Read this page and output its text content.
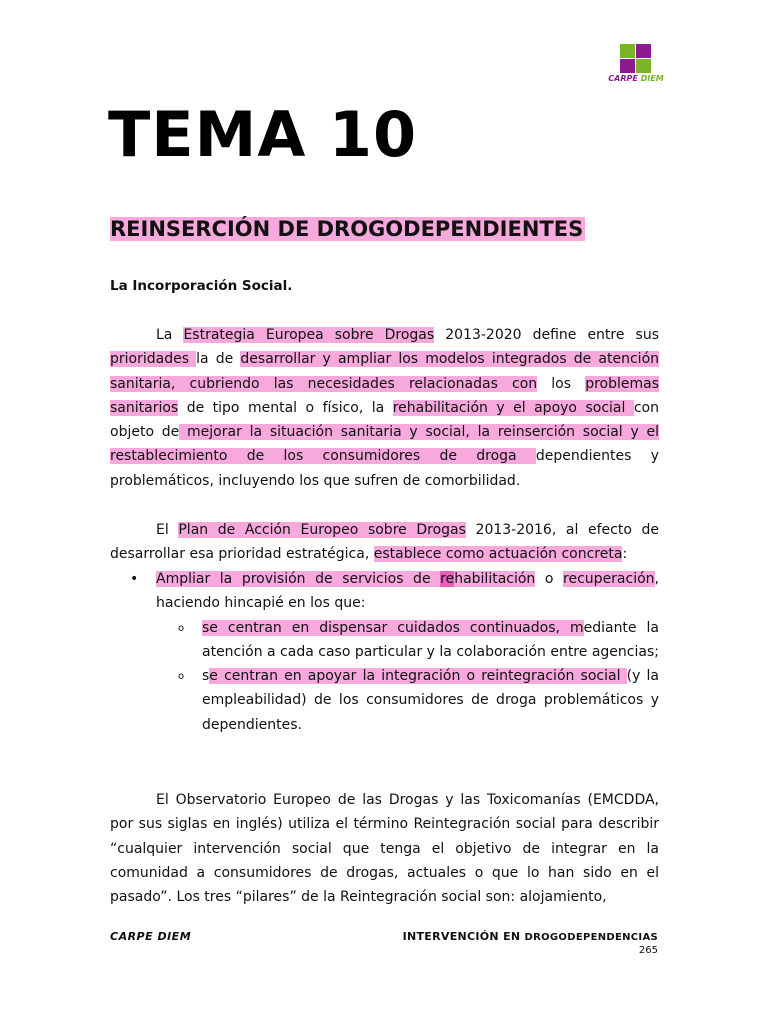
CARPE DIEM
TEMA 10
REINSERCIÓN DE DROGODEPENDIENTES

La Incorporación Social.

La Estrategia Europea sobre Drogas 2013-2020 define entre sus prioridades la de desarrollar y ampliar los modelos integrados de atención sanitaria, cubriendo las necesidades relacionadas con los problemas sanitarios de tipo mental o físico, la rehabilitación y el apoyo social con objeto de mejorar la situación sanitaria y social, la reinserción social y el restablecimiento de los consumidores de droga dependientes y problemáticos, incluyendo los que sufren de comorbilidad.

El Plan de Acción Europeo sobre Drogas 2013-2016, al efecto de desarrollar esa prioridad estratégica, establece como actuación concreta:

• Ampliar la provisión de servicios de rehabilitación o recuperación, haciendo hincapié en los que:
o se centran en dispensar cuidados continuados, mediante la atención a cada caso particular y la colaboración entre agencias;
o se centran en apoyar la integración o reintegración social (y la empleabilidad) de los consumidores de droga problemáticos y dependientes.

El Observatorio Europeo de las Drogas y las Toxicomanías (EMCDDA, por sus siglas en inglés) utiliza el término Reintegración social para describir “cualquier intervención social que tenga el objetivo de integrar en la comunidad a consumidores de drogas, actuales o que lo han sido en el pasado”. Los tres “pilares” de la Reintegración social son: alojamiento,

CARPE DIEM	INTERVENCIÓN EN DROGODEPENDENCIAS

265
